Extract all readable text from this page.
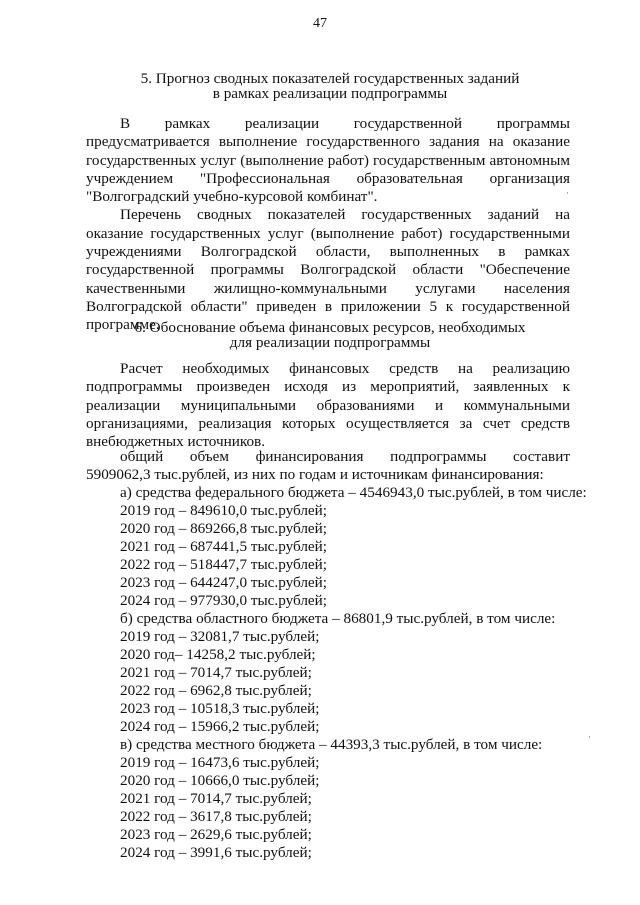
47
5. Прогноз сводных показателей государственных заданий
в рамках реализации подпрограммы

В рамках реализации государственной программы предусматривается выполнение государственного задания на оказание государственных услуг (выполнение работ) государственным автономным учреждением "Профессиональная образовательная организация "Волгоградский учебно-курсовой комбинат".

Перечень сводных показателей государственных заданий на оказание государственных услуг (выполнение работ) государственными учреждениями Волгоградской области, выполненных в рамках государственной программы Волгоградской области "Обеспечение качественными жилищно-коммунальными услугами населения Волгоградской области" приведен в приложении 5 к государственной программе.

6. Обоснование объема финансовых ресурсов, необходимых
для реализации подпрограммы

Расчет необходимых финансовых средств на реализацию подпрограммы произведен исходя из мероприятий, заявленных к реализации муниципальными образованиями и коммунальными организациями, реализация которых осуществляется за счет средств внебюджетных источников.

общий объем финансирования подпрограммы составит
5909062,3 тыс.рублей, из них по годам и источникам финансирования:
а) средства федерального бюджета – 4546943,0 тыс.рублей, в том числе:
2019 год – 849610,0 тыс.рублей;
2020 год – 869266,8 тыс.рублей;
2021 год – 687441,5 тыс.рублей;
2022 год – 518447,7 тыс.рублей;
2023 год – 644247,0 тыс.рублей;
2024 год – 977930,0 тыс.рублей;
б) средства областного бюджета – 86801,9 тыс.рублей, в том числе:
2019 год – 32081,7 тыс.рублей;
2020 год– 14258,2 тыс.рублей;
2021 год – 7014,7 тыс.рублей;
2022 год – 6962,8 тыс.рублей;
2023 год – 10518,3 тыс.рублей;
2024 год – 15966,2 тыс.рублей;
в) средства местного бюджета – 44393,3 тыс.рублей, в том числе:
2019 год – 16473,6 тыс.рублей;
2020 год – 10666,0 тыс.рублей;
2021 год – 7014,7 тыс.рублей;
2022 год – 3617,8 тыс.рублей;
2023 год – 2629,6 тыс.рублей;
2024 год – 3991,6 тыс.рублей;
·
·
